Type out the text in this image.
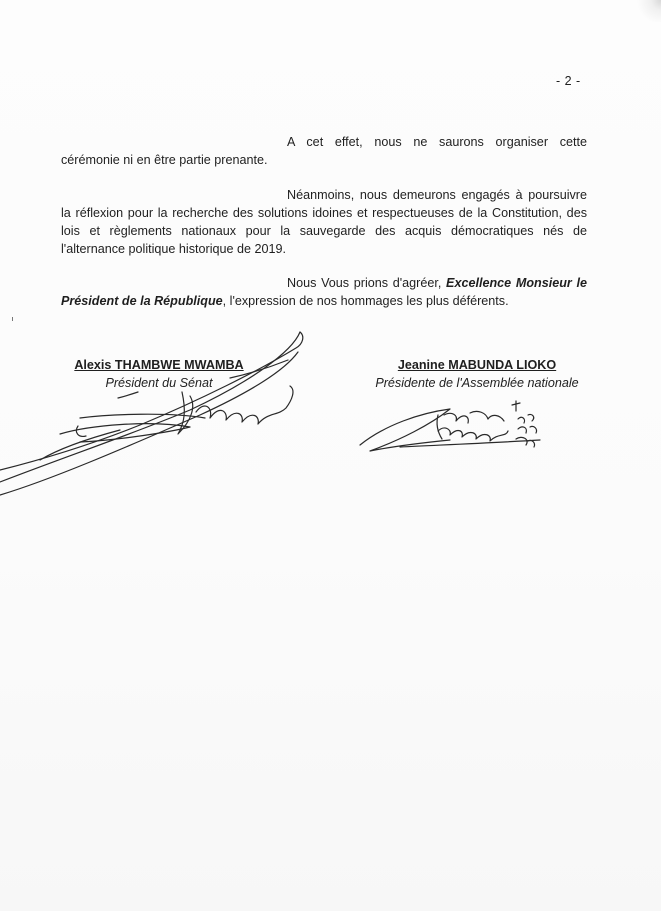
- 2 -

A cet effet, nous ne saurons organiser cette cérémonie ni en être partie prenante.

Néanmoins, nous demeurons engagés à poursuivre la réflexion pour la recherche des solutions idoines et respectueuses de la Constitution, des lois et règlements nationaux pour la sauvegarde des acquis démocratiques nés de l'alternance politique historique de 2019.

Nous Vous prions d'agréer, Excellence Monsieur le Président de la République, l'expression de nos hommages les plus déférents.

Alexis THAMBWE MWAMBA
Président du Sénat
Jeanine MABUNDA LIOKO
Présidente de l'Assemblée nationale
